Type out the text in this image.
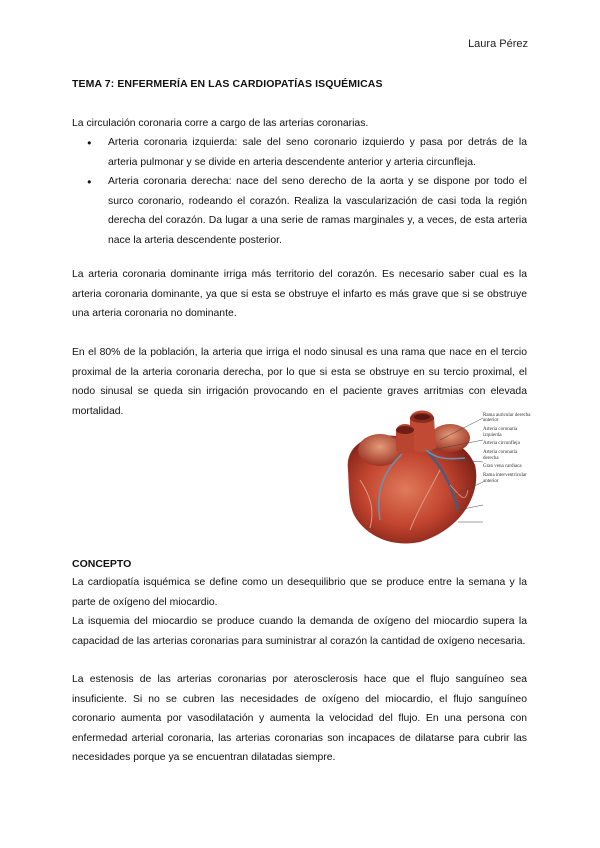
Laura Pérez
TEMA 7: ENFERMERÍA EN LAS CARDIOPATÍAS ISQUÉMICAS
La circulación coronaria corre a cargo de las arterias coronarias.
● Arteria coronaria izquierda: sale del seno coronario izquierdo y pasa por detrás de la arteria pulmonar y se divide en arteria descendente anterior y arteria circunfleja.
● Arteria coronaria derecha: nace del seno derecho de la aorta y se dispone por todo el surco coronario, rodeando el corazón. Realiza la vascularización de casi toda la región derecha del corazón. Da lugar a una serie de ramas marginales y, a veces, de esta arteria nace la arteria descendente posterior.
La arteria coronaria dominante irriga más territorio del corazón. Es necesario saber cual es la arteria coronaria dominante, ya que si esta se obstruye el infarto es más grave que si se obstruye una arteria coronaria no dominante.
En el 80% de la población, la arteria que irriga el nodo sinusal es una rama que nace en el tercio proximal de la arteria coronaria derecha, por lo que si esta se obstruye en su tercio proximal, el nodo sinusal se queda sin irrigación provocando en el paciente graves arritmias con elevada mortalidad.	Rama auricular derecha anterior
Arteria coronaria izquierda
Arteria circunfleja
Arteria coronaria derecha
Gran vena cardiaca
Rama interventricular anterior
CONCEPTO
La cardiopatía isquémica se define como un desequilibrio que se produce entre la semana y la parte de oxígeno del miocardio.
La isquemia del miocardio se produce cuando la demanda de oxígeno del miocardio supera la capacidad de las arterias coronarias para suministrar al corazón la cantidad de oxígeno necesaria.
La estenosis de las arterias coronarias por aterosclerosis hace que el flujo sanguíneo sea insuficiente. Si no se cubren las necesidades de oxígeno del miocardio, el flujo sanguíneo coronario aumenta por vasodilatación y aumenta la velocidad del flujo. En una persona con enfermedad arterial coronaria, las arterias coronarias son incapaces de dilatarse para cubrir las necesidades porque ya se encuentran dilatadas siempre.
